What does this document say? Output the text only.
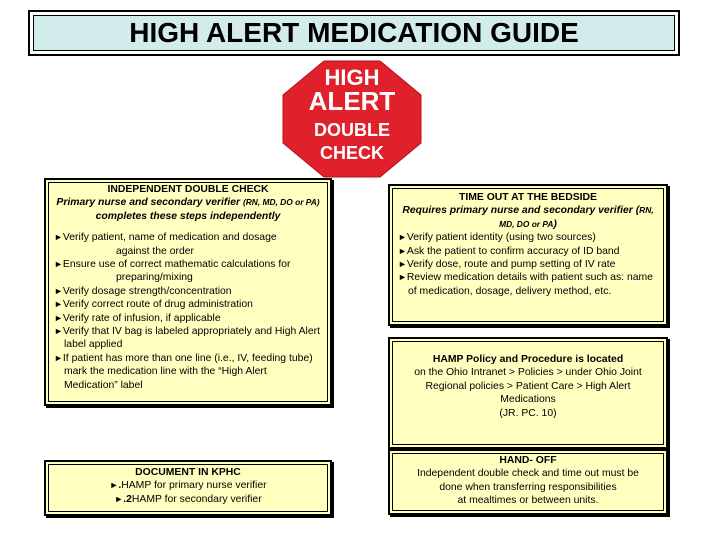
HIGH ALERT MEDICATION GUIDE
HIGH
ALERT
DOUBLE
CHECK
INDEPENDENT DOUBLE CHECK
Primary nurse and secondary verifier (RN, MD, DO or PA) completes these steps independently
►Verify patient, name of medication and dosage
against the order
►Ensure use of correct mathematic calculations for
preparing/mixing
►Verify dosage strength/concentration
►Verify correct route of drug administration
►Verify rate of infusion, if applicable
►Verify that IV bag is labeled appropriately and High Alert label applied
►If patient has more than one line (i.e., IV, feeding tube) mark the medication line with the “High Alert Medication” label
TIME OUT AT THE BEDSIDE
Requires primary nurse and secondary verifier (RN, MD, DO or PA)
►Verify patient identity (using two sources)
►Ask the patient to confirm accuracy of ID band
►Verify dose, route and pump setting of IV rate
►Review medication details with patient such as: name of medication, dosage, delivery method, etc.
HAMP Policy and Procedure is located
on the Ohio Intranet > Policies > under Ohio Joint
Regional policies > Patient Care > High Alert
Medications
(JR. PC. 10)
HAND- OFF
Independent double check and time out must be
done when transferring responsibilities
at mealtimes or between units.
DOCUMENT IN KPHC
►.HAMP for primary nurse verifier
►.2HAMP for secondary verifier
